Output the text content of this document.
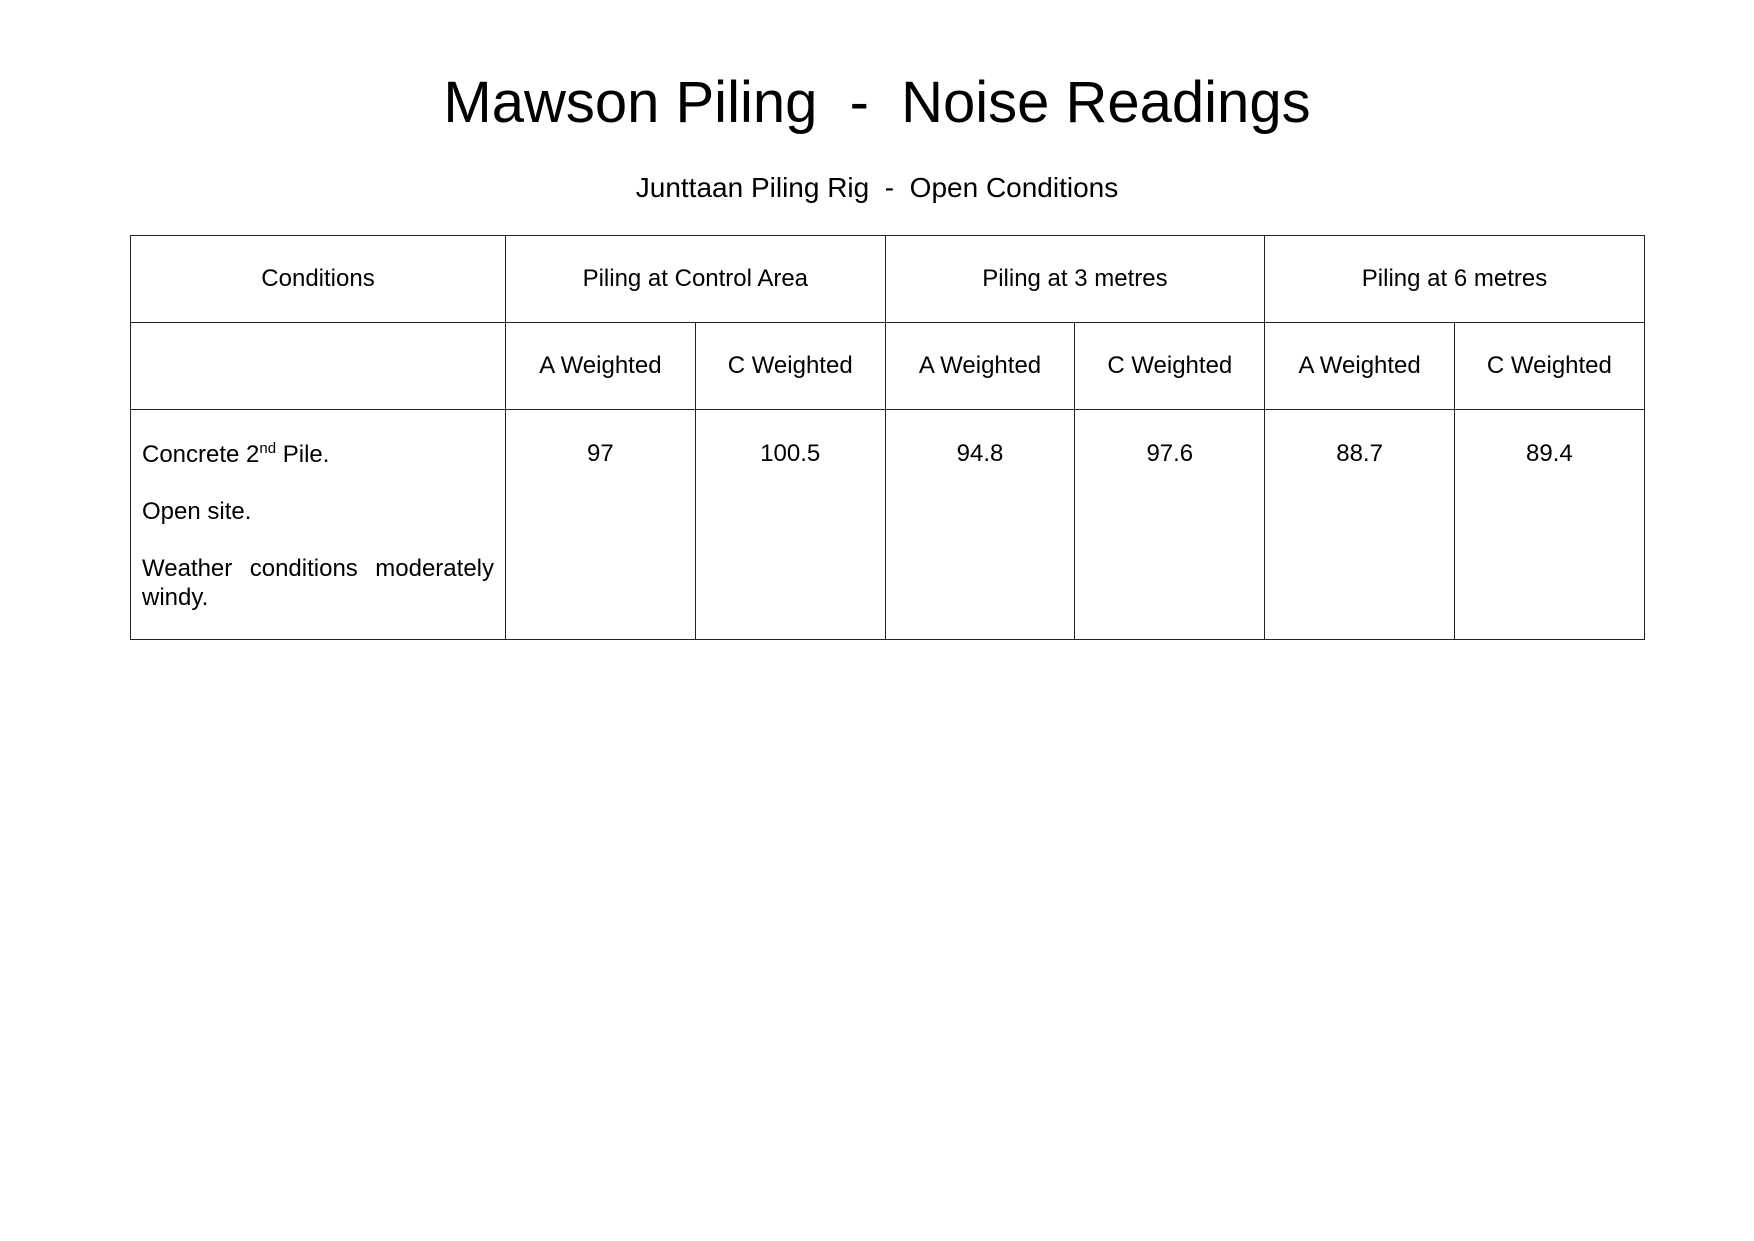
Mawson Piling  -  Noise Readings
Junttaan Piling Rig  -  Open Conditions
Conditions	Piling at Control Area		Piling at 3 metres		Piling at 6 metres	
	A Weighted	C Weighted	A Weighted	C Weighted	A Weighted	C Weighted

Concrete 2nd Pile.
Open site.
Weather conditions moderately windy.	97	100.5	94.8	97.6	88.7	89.4
